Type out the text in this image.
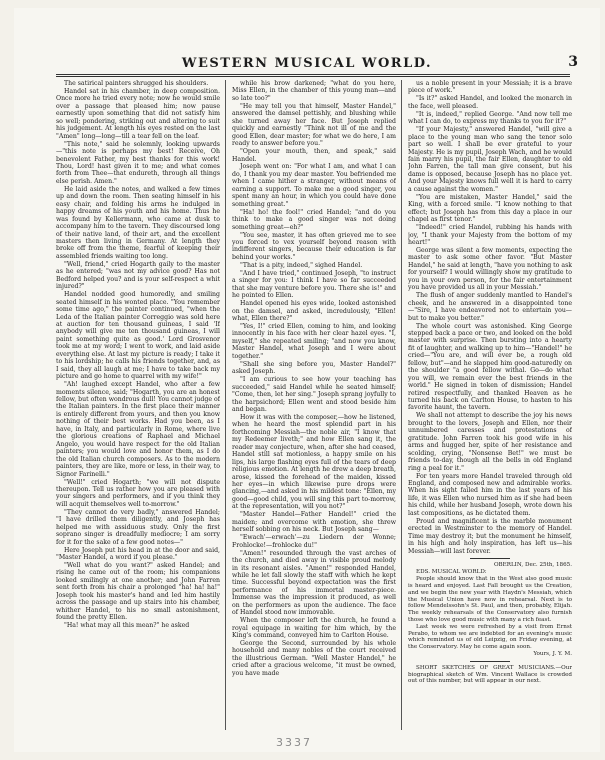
WESTERN MUSICAL WORLD.	3

The satirical painters shrugged his shoulders.

Handel sat in his chamber, in deep composition. Once more he tried every note; now he would smile over a passage that pleased him; now pause earnestly upon something that did not satisfy him so well; pondering, striking out and altering to suit his judgement. At length his eyes rested on the last "Amen" long—long—till a tear fell on the leaf.

"This note," said he solemnly, looking upwards—"this note is perhaps my best! Receive, Oh benevolent Father, my best thanks for this work! Thou, Lord! hast given it to me; and what comes forth from Thee—that endureth, through all things else perish. Amen."

He laid aside the notes, and walked a few times up and down the room. Then seating himself in his easy chair, and folding his arms he indulged in happy dreams of his youth and his home. Thus he was found by Kellermann, who came at dusk to accompany him to the tavern. They discoursed long of their native land, of their art, and the excellent masters then living in Germany. At length they broke off from the theme, fearful of keeping their assembled friends waiting too long.

"Well, friend," cried Hogarth gaily to the master as he entered; "was not my advice good? Has not Bedford helped you? and is your self-respect a whit injured?"

Handel nodded good humoredly, and smiling seated himself in his wonted place. "You remember some time ago," the painter continued, "when the Leda of the Italian painter Correggio was sold here at auction for ten thousand guineas, I said 'If anybody will give me ten thousand guineas, I will paint something quite as good.' Lord Grosvenor took me at my word; I went to work, and laid aside everything else. At last my picture is ready; I take it to his lordship; he calls his friends together, and, as I said, they all laugh at me; I have to take back my picture and go home to quarrel with my wife!"

"Ah! laughed except Handel, who after a few moments silence, said; "Hogarth, you are an honest fellow, but often wondrous dull! You cannot judge of the Italian painters. In the first place their manner is entirely different from yours, and then you know nothing of their best works. Had you been, as I have, in Italy, and particularly in Rome, where live the glorious creations of Raphael and Michael Angelo, you would have respect for the old Italian painters; you would love and honor them, as I do the old Italian church composers. As to the modern painters, they are like, more or less, in their way, to Signor Farinelli."

"Well!" cried Hogarth; "we will not dispute thereupon. Tell us rather how you are pleased with your singers and performers, and if you think they will acquit themselves well to-morrow."

"They cannot do very badly," answered Handel; "I have drilled them diligently, and Joseph has helped me with assiduous study. Only the first soprano singer is dreadfully mediocre; I am sorry for it for the sake of a few good notes—"

Here Joseph put his head in at the door and said, "Master Handel, a word if you please."

"Well what do you want?" asked Handel; and rising he came out of the room; his companions looked smilingly at one another; and John Farren sent forth from his chair a prolonged "ha! ha! ha!" Joseph took his master's hand and led him hastily across the passage and up stairs into his chamber, whither Handel, to his no small astonishment, found the pretty Ellen.

"Ha! what may all this mean?" he asked

while his brow darkened; "what do you here, Miss Ellen, in the chamber of this young man—and so late too?"

"He may tell you that himself, Master Handel," answered the damsel pettishly, and blushing while she turned away her face. But Joseph replied quickly and earnestly "Think not ill of me and the good Ellen, dear master; for what we do here, I am ready to answer before you."

"Open your mouth, then, and speak," said Handel.

Joseph went on: "For what I am, and what I can do, I thank you my dear master. You befriended me when I came hither a stranger, without means of earning a support. To make me a good singer, you spent many an hour, in which you could have done something great."

"Ha! ho! the fool!" cried Handel; "and do you think to make a good singer was not doing something great—eh?"

"You see, master, it has often grieved me to see you forced to vex yourself beyond reason with indifferent singers, because their education is far behind your works."

"That is a pity, indeed," sighed Handel.

"And I have tried," continued Joseph, "to instruct a singer for you: I think I have so far succeeded that she may venture before you. There she is!" and he pointed to Ellen.

Handel opened his eyes wide, looked astonished on the damsel, and asked, incredulously, "Ellen! what, Ellen there?"

"Yes, I!" cried Ellen, coming to him, and looking innocently in his face with her clear hazel eyes. "I, myself," she repeated smiling; "and now you know, Master Handel, what Joseph and I were about together."

"Shall she sing before you, Master Handel?" asked Joseph.

"I am curious to see how your teaching has succeeded," said Handel while he seated himself; "Come, then, let her sing." Joseph sprang joyfully to the harpsichord; Ellen went and stood beside him and began.

How it was with the composer,—how he listened, when he heard the most splendid part in his forthcoming Messiah—the noble air, "I know that my Redeemer liveth;" and how Ellen sang it, the reader may conjecture, when, after she had ceased, Handel still sat motionless, a happy smile on his lips, his large flashing eyes full of the tears of deep religious emotion. At length he drew a deep breath, arose, kissed the forehead of the maiden, kissed her eyes—in which likewise pure drops were glancing,—and asked in his mildest tone: "Ellen, my good—good child, you will sing this part to-morrow, at the representation, will you not?"

"Master Handel—Father Handel!" cried the maiden; and overcome with emotion, she threw herself sobbing on his neck. But Joseph sang—

"Ewach'—erwach'—zu Liedern der Wonne; Frohlocke!—frohlocke du!"

"Amen!" resounded through the vast arches of the church, and died away in visible proud melody in its resonant aisles. "Amen!" responded Handel, while he let fall slowly the staff with which he kept time. Successful beyond expectation was the first performance of his immortal master-piece. Immense was the impression it produced, as well on the performers as upon the audience. The face of Handel stood now immovable.

When the composer left the church, he found a royal equipage in waiting for him which, by the King's command, conveyed him to Carlton House.

George the Second, surrounded by his whole household and many nobles of the court received the illustrious German. "Well Master Handel," he cried after a gracious welcome, "it must be owned, you have made

us a noble present in your Messiah; it is a brave piece of work."

"Is it?" asked Handel, and looked the monarch in the face, well pleased.

"It is, indeed," replied George. "And now tell me what I can do, to express my thanks to you for it?"

"If your Majesty," answered Handel, "will give a place to the young man who sang the tenor solo part so well. I shall be ever grateful to your Majesty. He is my pupil, Joseph Wach, and he would fain marry his pupil, the fair Ellen, daughter to old John Farren, the tall man give consent, but his dame is opposed, because Joseph has no place yet. And your Majesty knows full well it is hard to carry a cause against the women."

"You are mistaken, Master Handel," said the King, with a forced smile. "I know nothing to that effect; but Joseph has from this day a place in our chapel as first tenor."

"Indeed!" cried Handel, rubbing his hands with joy, "I thank your Majesty from the bottom of my heart!"

George was silent a few moments, expecting the master to ask some other favor. "But Master Handel," he said at length, "have you nothing to ask for yourself? I would willingly show my gratitude to you in your own person, for the fair entertainment you have provided us all in your Messiah."

The flush of anger suddenly mantled to Handel's cheek, and he answered in a disappointed tone—"Sire, I have endeavored not to entertain you—but to make you better."

The whole court was astonished. King George stepped back a pace or two, and looked on the bold master with surprise. Then bursting into a hearty fit of laughter, and walking up to him—"Handel!" he cried—"You are, and will ever be, a rough old fellow, but"—and he slapped him good-naturedly on the shoulder "a good fellow withal. Go—do what you will, we remain ever the best friends in the world." He signed in token of dismission; Handel retired respectfully, and thanked Heaven as he turned his back on Carlton House, to hasten to his favorite haunt, the tavern.

We shall not attempt to describe the joy his news brought to the lovers, Joseph and Ellen, nor their unnumbered caresses and protestations of gratitude. John Farren took his good wife in his arms and hugged her, spite of her resistance and scolding, crying, "Nonsense Bet!" we must be friends to-day, though all the bells in old England ring a peal for it."

For ten years more Handel traveled through old England, and composed new and admirable works. When his sight failed him in the last years of his life, it was Ellen who nursed him as if she had been his child, while her husband Joseph, wrote down his last compositions, as he dictated them.

Proud and magnificent is the marble monument erected in Westminster to the memory of Handel. Time may destroy it; but the monument he himself, in his high and holy inspiration, has left us—his Messiah—will last forever.

OBERLIN, Dec. 25th, 1865.

EDS. MUSICAL WORLD:

People should know that in the West also good music is heard and enjoyed. Last Fall brought us the Creation, and we begin the new year with Haydn's Messiah, which the Musical Union have now in rehearsal. Next is to follow Mendelssohn's St. Paul, and then, probably, Elijah. The weekly rehearsals of the Conservatory also furnish those who love good music with many a rich feast.

Last week we were refreshed by a visit from Ernst Perabo, to whom we are indebted for an evening's music which reminded us of old Leipzig, on Friday evening, at the Conservatory. May he come again soon.

Yours, J. Y. M.

SHORT SKETCHES OF GREAT MUSICIANS.—Our biographical sketch of Wm. Vincent Wallace is crowded out of this number, but will appear in our next.

3337
